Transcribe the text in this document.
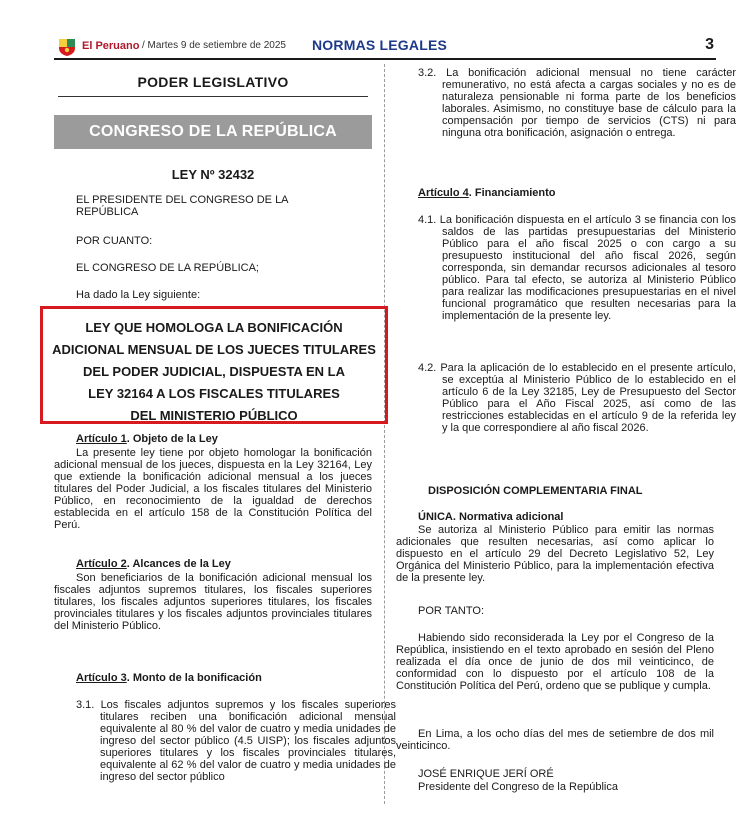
El Peruano / Martes 9 de setiembre de 2025 NORMAS LEGALES	3
PODER LEGISLATIVO
CONGRESO DE LA REPÚBLICA
LEY Nº 32432
EL PRESIDENTE DEL CONGRESO DE LA REPÚBLICA
POR CUANTO:
EL CONGRESO DE LA REPÚBLICA;
Ha dado la Ley siguiente:
LEY QUE HOMOLOGA LA BONIFICACIÓN
ADICIONAL MENSUAL DE LOS JUECES TITULARES
DEL PODER JUDICIAL, DISPUESTA EN LA
LEY 32164 A LOS FISCALES TITULARES
DEL MINISTERIO PÚBLICO
Artículo 1. Objeto de la Ley
La presente ley tiene por objeto homologar la bonificación adicional mensual de los jueces, dispuesta en la Ley 32164, Ley que extiende la bonificación adicional mensual a los jueces titulares del Poder Judicial, a los fiscales titulares del Ministerio Público, en reconocimiento de la igualdad de derechos establecida en el artículo 158 de la Constitución Política del Perú.
Artículo 2. Alcances de la Ley
Son beneficiarios de la bonificación adicional mensual los fiscales adjuntos supremos titulares, los fiscales superiores titulares, los fiscales adjuntos superiores titulares, los fiscales provinciales titulares y los fiscales adjuntos provinciales titulares del Ministerio Público.
Artículo 3. Monto de la bonificación
3.1. Los fiscales adjuntos supremos y los fiscales superiores titulares reciben una bonificación adicional mensual equivalente al 80 % del valor de cuatro y media unidades de ingreso del sector público (4.5 UISP); los fiscales adjuntos superiores titulares y los fiscales provinciales titulares, equivalente al 62 % del valor de cuatro y media unidades de ingreso del sector público
3.2. La bonificación adicional mensual no tiene carácter remunerativo, no está afecta a cargas sociales y no es de naturaleza pensionable ni forma parte de los beneficios laborales. Asimismo, no constituye base de cálculo para la compensación por tiempo de servicios (CTS) ni para ninguna otra bonificación, asignación o entrega.
Artículo 4. Financiamiento
4.1. La bonificación dispuesta en el artículo 3 se financia con los saldos de las partidas presupuestarias del Ministerio Público para el año fiscal 2025 o con cargo a su presupuesto institucional del año fiscal 2026, según corresponda, sin demandar recursos adicionales al tesoro público. Para tal efecto, se autoriza al Ministerio Público para realizar las modificaciones presupuestarias en el nivel funcional programático que resulten necesarias para la implementación de la presente ley.
4.2. Para la aplicación de lo establecido en el presente artículo, se exceptúa al Ministerio Público de lo establecido en el artículo 6 de la Ley 32185, Ley de Presupuesto del Sector Público para el Año Fiscal 2025, así como de las restricciones establecidas en el artículo 9 de la referida ley y la que correspondiere al año fiscal 2026.
DISPOSICIÓN COMPLEMENTARIA FINAL
ÚNICA. Normativa adicional
Se autoriza al Ministerio Público para emitir las normas adicionales que resulten necesarias, así como aplicar lo dispuesto en el artículo 29 del Decreto Legislativo 52, Ley Orgánica del Ministerio Público, para la implementación efectiva de la presente ley.
POR TANTO:
Habiendo sido reconsiderada la Ley por el Congreso de la República, insistiendo en el texto aprobado en sesión del Pleno realizada el día once de junio de dos mil veinticinco, de conformidad con lo dispuesto por el artículo 108 de la Constitución Política del Perú, ordeno que se publique y cumpla.
En Lima, a los ocho días del mes de setiembre de dos mil veinticinco.
JOSÉ ENRIQUE JERÍ ORÉ
Presidente del Congreso de la República
